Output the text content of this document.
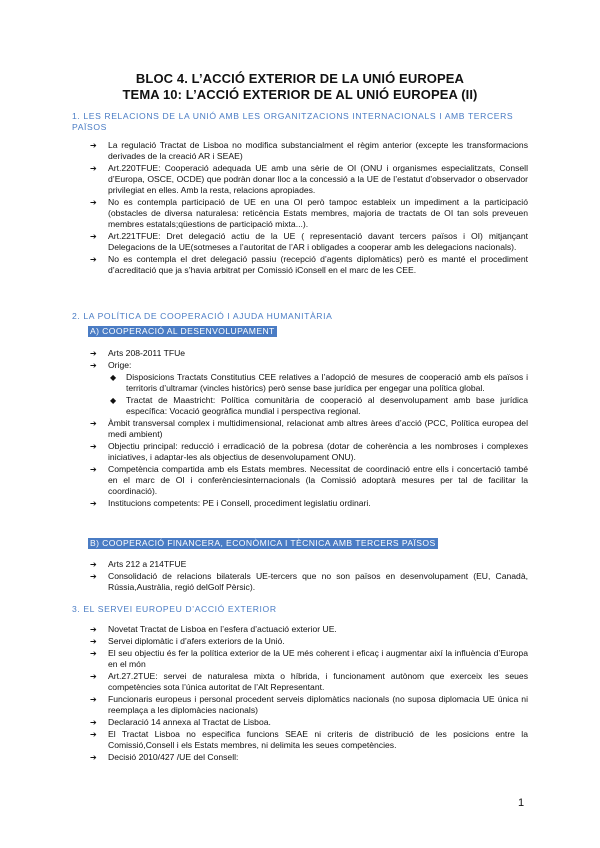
BLOC 4. L’ACCIÓ EXTERIOR DE LA UNIÓ EUROPEA

TEMA 10: L’ACCIÓ EXTERIOR DE AL UNIÓ EUROPEA (II)

1. LES RELACIONS DE LA UNIÓ AMB LES ORGANITZACIONS INTERNACIONALS I AMB TERCERS PAÏSOS
➔	La regulació Tractat de Lisboa no modifica substancialment el règim anterior (excepte les transformacions derivades de la creació AR i SEAE)
➔	Art.220TFUE: Cooperació adequada UE amb una sèrie de OI (ONU i organismes especialitzats, Consell d’Europa, OSCE, OCDE) que podràn donar lloc a la concessió a la UE de l’estatut d’observador o observador privilegiat en elles. Amb la resta, relacions apropiades.
➔	No es contempla participació de UE en una OI però tampoc estableix un impediment a la participació (obstacles de diversa naturalesa: reticència Estats membres, majoria de tractats de OI tan sols preveuen membres estatals;qüestions de participació mixta...).
➔	Art.221TFUE: Dret delegació actiu de la UE ( representació davant tercers països i OI) mitjançant Delegacions de la UE(sotmeses a l’autoritat de l’AR i obligades a cooperar amb les delegacions nacionals).
➔	No es contempla el dret delegació passiu (recepció d’agents diplomàtics) però es manté el procediment d’acreditació que ja s’havia arbitrat per Comissió iConsell en el marc de les CEE.
2. LA POLÍTICA DE COOPERACIÓ I AJUDA HUMANITÀRIA
A) COOPERACIÓ AL DESENVOLUPAMENT
➔	Arts 208-2011 TFUe
➔	Orige:
◆ Disposicions Tractats Constitutius CEE relatives a l’adopció de mesures de cooperació amb els països i territoris d’ultramar (vincles històrics) però sense base jurídica per engegar una política global.
◆ Tractat de Maastricht: Política comunitària de cooperació al desenvolupament amb base jurídica específica: Vocació geogràfica mundial i perspectiva regional.
➔	Àmbit transversal complex i multidimensional, relacionat amb altres àrees d’acció (PCC, Política europea del medi ambient)
➔	Objectiu principal: reducció i erradicació de la pobresa (dotar de coherència a les nombroses i complexes iniciatives, i adaptar-les als objectius de desenvolupament ONU).
➔	Competència compartida amb els Estats membres. Necessitat de coordinació entre ells i concertació també en el marc de OI i conferènciesinternacionals (la Comissió adoptarà mesures per tal de facilitar la coordinació).
➔	Institucions competents: PE i Consell, procediment legislatiu ordinari.
B) COOPERACIÓ FINANCERA, ECONÒMICA I TÈCNICA AMB TERCERS PAÏSOS
➔	Arts 212 a 214TFUE
➔	Consolidació de relacions bilaterals UE-tercers que no son països en desenvolupament (EU, Canadà, Rússia,Austràlia, regió delGolf Pèrsic).
3. EL SERVEI EUROPEU D’ACCIÓ EXTERIOR
➔	Novetat Tractat de Lisboa en l’esfera d’actuació exterior UE.
➔	Servei diplomàtic i d’afers exteriors de la Unió.
➔	El seu objectiu és fer la política exterior de la UE més coherent i eficaç i augmentar així la influència d’Europa en el món
➔	Art.27.2TUE: servei de naturalesa mixta o híbrida, i funcionament autònom que exerceix les seues competències sota l’única autoritat de l’Alt Representant.
➔	Funcionaris europeus i personal procedent serveis diplomàtics nacionals (no suposa diplomacia UE única ni reemplaça a les diplomàcies nacionals)
➔	Declaració 14 annexa al Tractat de Lisboa.
➔	El Tractat Lisboa no especifica funcions SEAE ni criteris de distribució de les posicions entre la Comissió,Consell i els Estats membres, ni delimita les seues competències.
➔	Decisió 2010/427 /UE del Consell:
1
